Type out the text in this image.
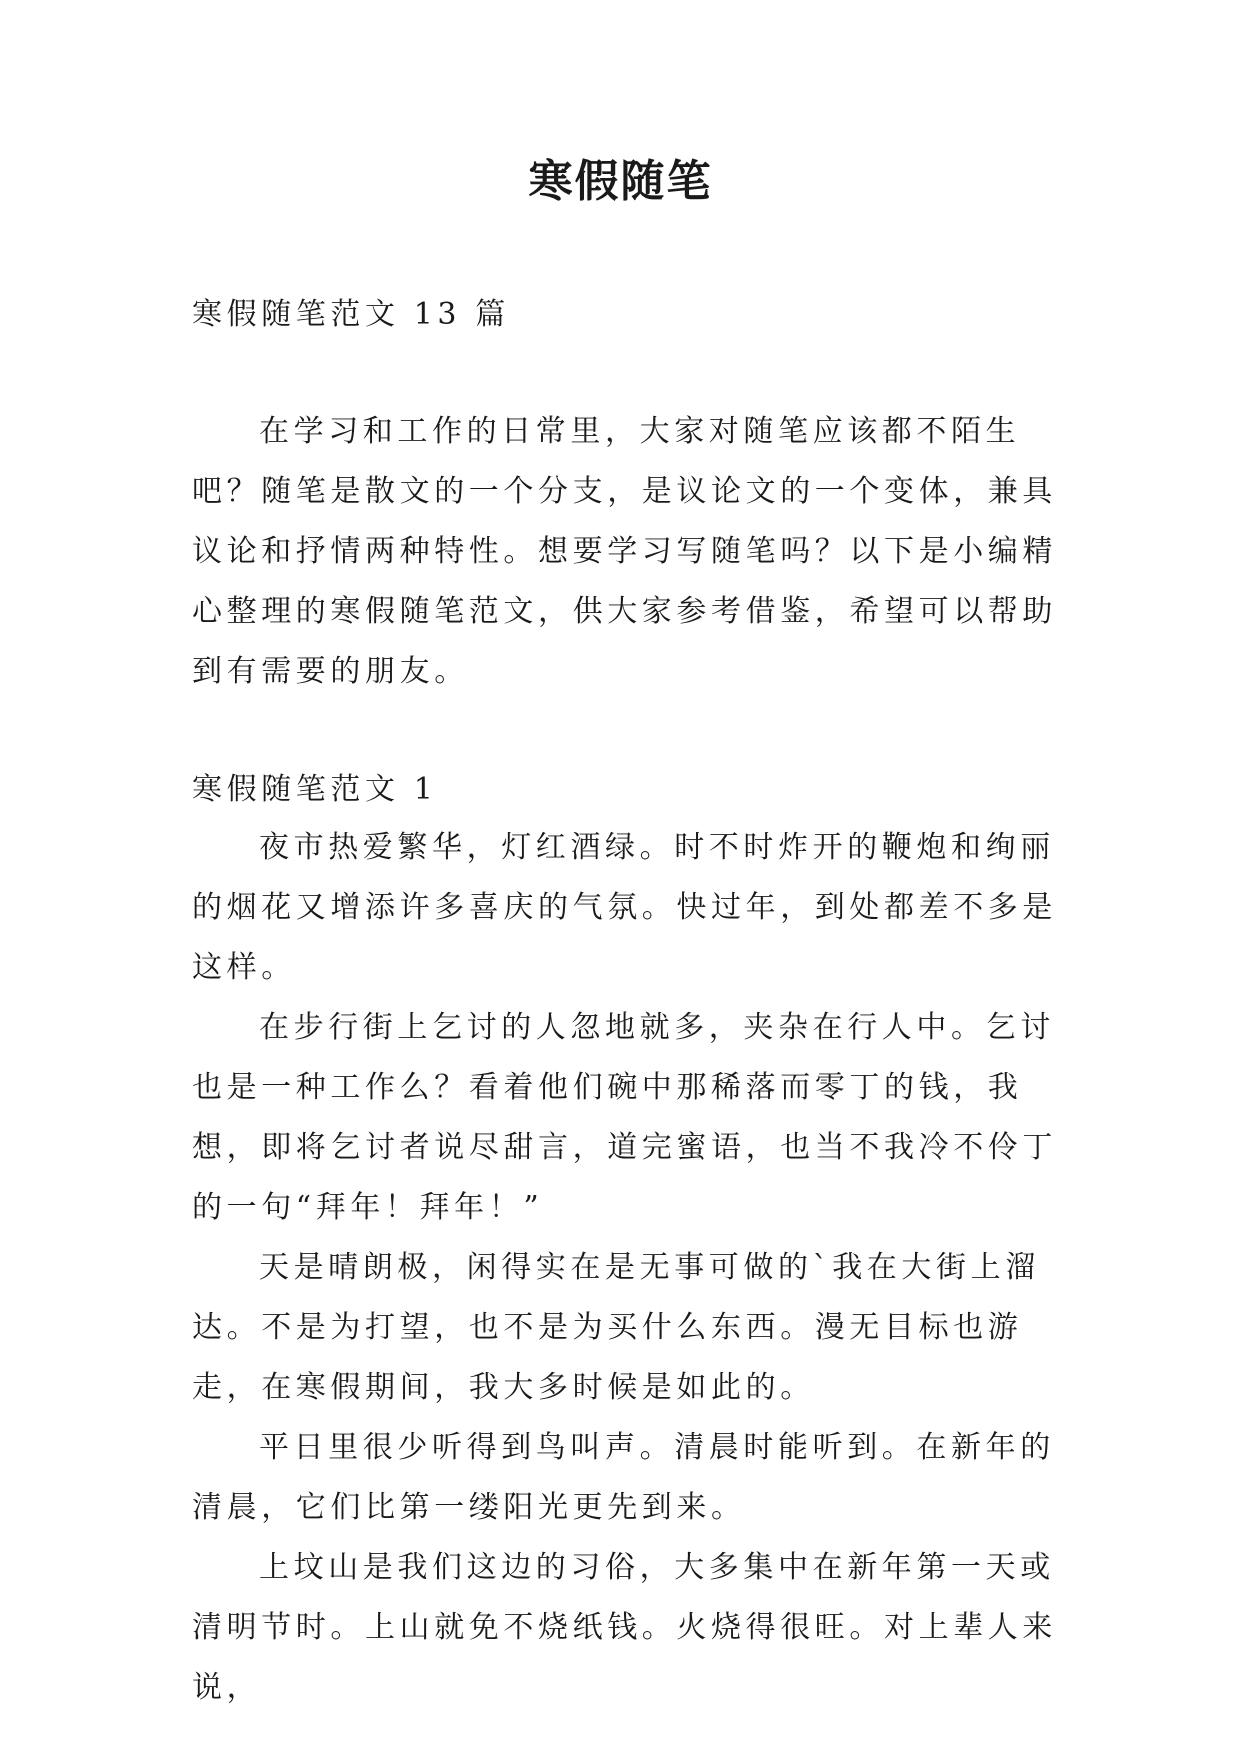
寒假随笔

寒假随笔范文 13 篇

在学习和工作的日常里，大家对随笔应该都不陌生吧？随笔是散文的一个分支，是议论文的一个变体，兼具议论和抒情两种特性。想要学习写随笔吗？以下是小编精心整理的寒假随笔范文，供大家参考借鉴，希望可以帮助到有需要的朋友。

寒假随笔范文 1

夜市热爱繁华，灯红酒绿。时不时炸开的鞭炮和绚丽的烟花又增添许多喜庆的气氛。快过年，到处都差不多是这样。

在步行街上乞讨的人忽地就多，夹杂在行人中。乞讨也是一种工作么？看着他们碗中那稀落而零丁的钱，我想，即将乞讨者说尽甜言，道完蜜语，也当不我冷不伶丁的一句“拜年！拜年！”

天是晴朗极，闲得实在是无事可做的`我在大街上溜达。不是为打望，也不是为买什么东西。漫无目标也游走，在寒假期间，我大多时候是如此的。

平日里很少听得到鸟叫声。清晨时能听到。在新年的清晨，它们比第一缕阳光更先到来。

上坟山是我们这边的习俗，大多集中在新年第一天或清明节时。上山就免不烧纸钱。火烧得很旺。对上辈人来说，
